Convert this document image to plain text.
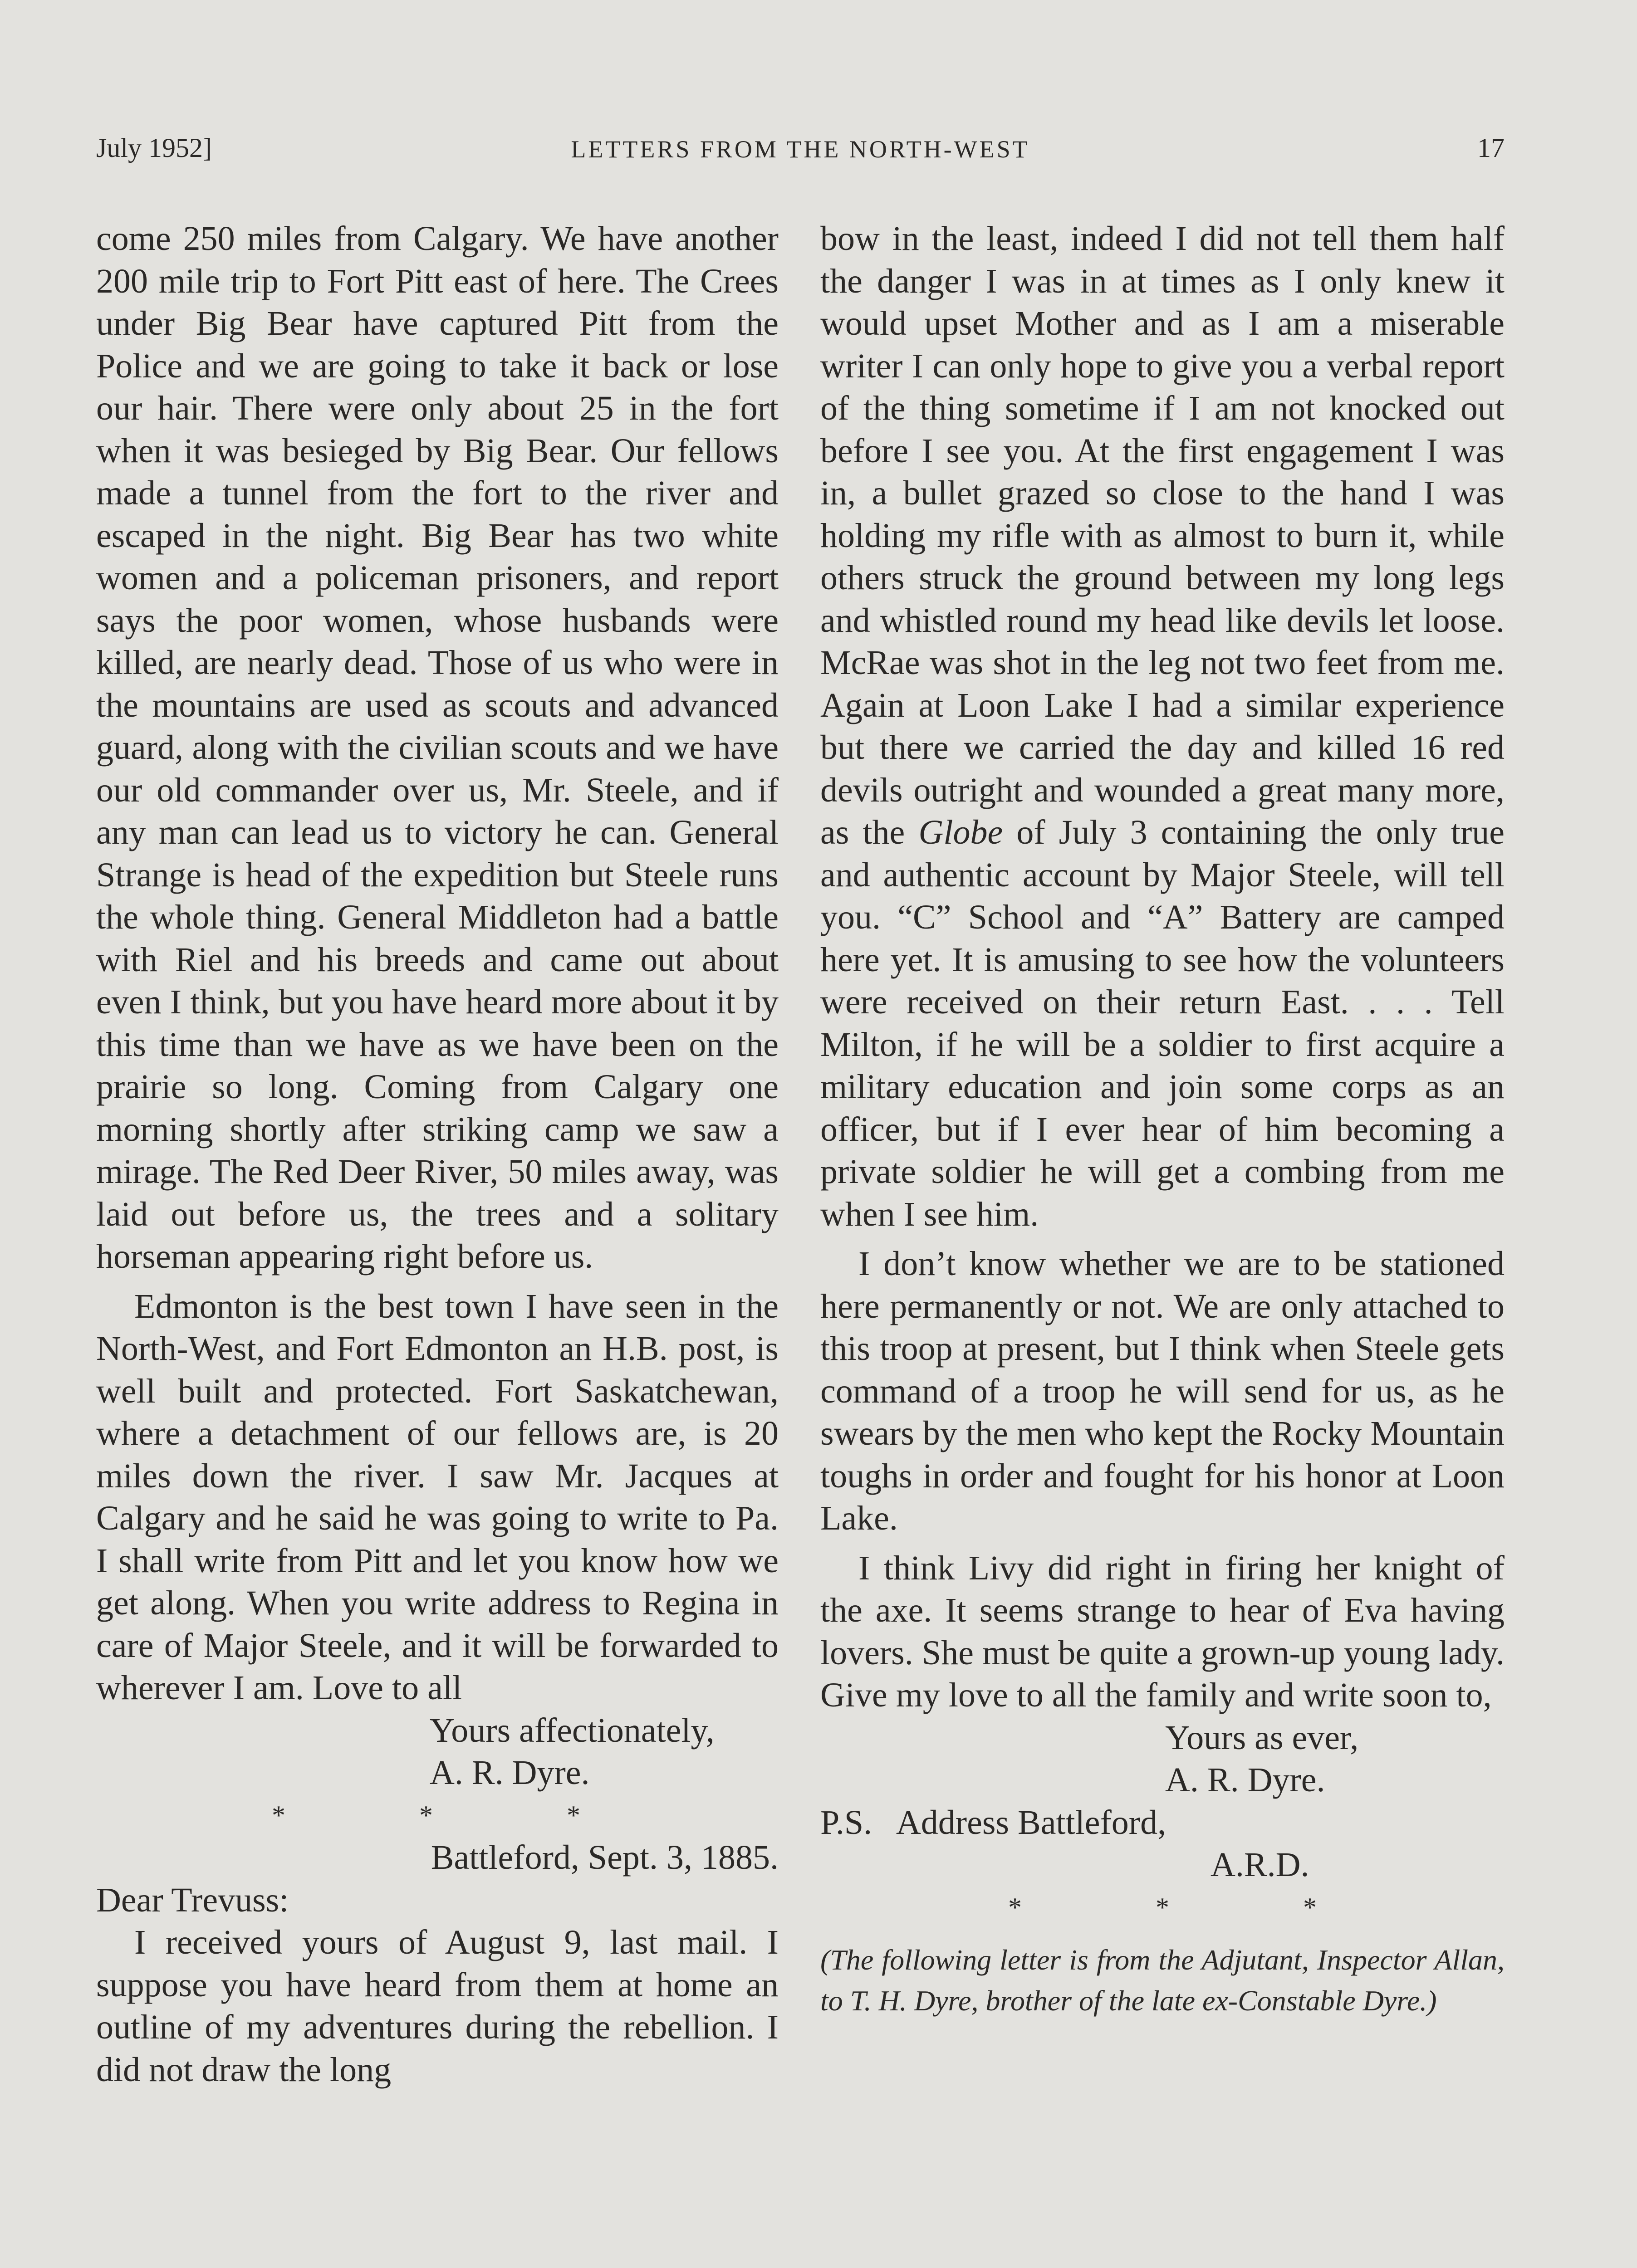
July 1952]	LETTERS FROM THE NORTH-WEST	17

come 250 miles from Calgary. We have another 200 mile trip to Fort Pitt east of here. The Crees under Big Bear have captured Pitt from the Police and we are going to take it back or lose our hair. There were only about 25 in the fort when it was besieged by Big Bear. Our fellows made a tunnel from the fort to the river and escaped in the night. Big Bear has two white women and a policeman prisoners, and report says the poor women, whose husbands were killed, are nearly dead. Those of us who were in the mountains are used as scouts and advanced guard, along with the civilian scouts and we have our old commander over us, Mr. Steele, and if any man can lead us to victory he can. General Strange is head of the expedition but Steele runs the whole thing. General Middleton had a battle with Riel and his breeds and came out about even I think, but you have heard more about it by this time than we have as we have been on the prairie so long. Coming from Calgary one morning shortly after striking camp we saw a mirage. The Red Deer River, 50 miles away, was laid out before us, the trees and a solitary horseman appearing right before us.

Edmonton is the best town I have seen in the North-West, and Fort Edmonton an H.B. post, is well built and protected. Fort Saskatchewan, where a detachment of our fellows are, is 20 miles down the river. I saw Mr. Jacques at Calgary and he said he was going to write to Pa. I shall write from Pitt and let you know how we get along. When you write address to Regina in care of Major Steele, and it will be forwarded to wherever I am. Love to all

Yours affectionately,

A. R. Dyre.

* * *

Battleford, Sept. 3, 1885.

Dear Trevuss:

I received yours of August 9, last mail. I suppose you have heard from them at home an outline of my adventures during the rebellion. I did not draw the long

bow in the least, indeed I did not tell them half the danger I was in at times as I only knew it would upset Mother and as I am a miserable writer I can only hope to give you a verbal report of the thing sometime if I am not knocked out before I see you. At the first engagement I was in, a bullet grazed so close to the hand I was holding my rifle with as almost to burn it, while others struck the ground between my long legs and whistled round my head like devils let loose. McRae was shot in the leg not two feet from me. Again at Loon Lake I had a similar experience but there we carried the day and killed 16 red devils outright and wounded a great many more, as the Globe of July 3 containing the only true and authentic account by Major Steele, will tell you. “C” School and “A” Battery are camped here yet. It is amusing to see how the volunteers were received on their return East. . . . Tell Milton, if he will be a soldier to first acquire a military education and join some corps as an officer, but if I ever hear of him becoming a private soldier he will get a combing from me when I see him.

I don’t know whether we are to be stationed here permanently or not. We are only attached to this troop at present, but I think when Steele gets command of a troop he will send for us, as he swears by the men who kept the Rocky Mountain toughs in order and fought for his honor at Loon Lake.

I think Livy did right in firing her knight of the axe. It seems strange to hear of Eva having lovers. She must be quite a grown-up young lady. Give my love to all the family and write soon to,

Yours as ever,

A. R. Dyre.

P.S.   Address Battleford,

A.R.D.

* * *

(The following letter is from the Adjutant, Inspector Allan, to T. H. Dyre, brother of the late ex-Constable Dyre.)
